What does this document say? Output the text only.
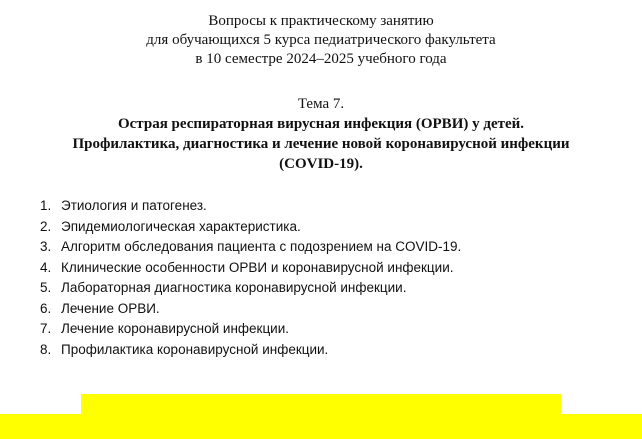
Вопросы к практическому занятию
для обучающихся 5 курса педиатрического факультета
в 10 семестре 2024–2025 учебного года
Тема 7.
Острая респираторная вирусная инфекция (ОРВИ) у детей.
Профилактика, диагностика и лечение новой коронавирусной инфекции
(COVID-19).
1. Этиология и патогенез.
2. Эпидемиологическая характеристика.
3. Алгоритм обследования пациента с подозрением на COVID-19.
4. Клинические особенности ОРВИ и коронавирусной инфекции.
5. Лабораторная диагностика коронавирусной инфекции.
6. Лечение ОРВИ.
7. Лечение коронавирусной инфекции.
8. Профилактика коронавирусной инфекции.
